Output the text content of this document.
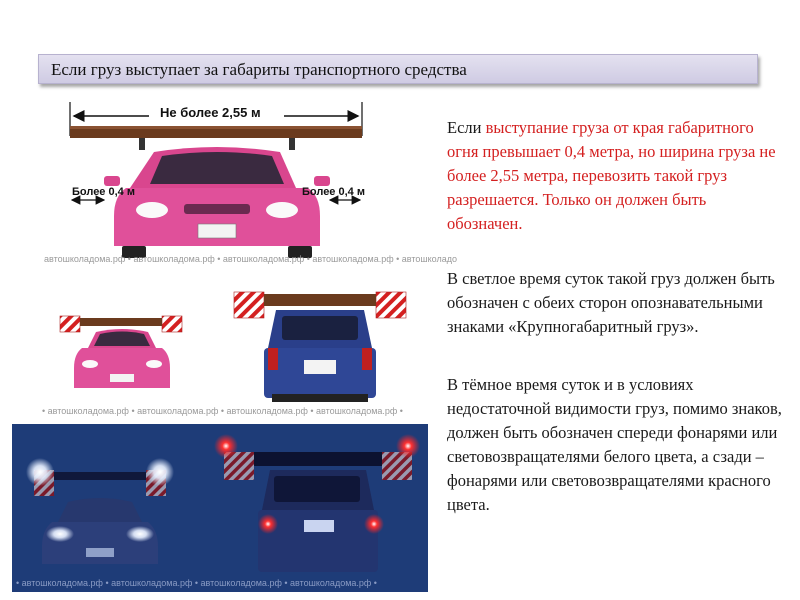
Если груз выступает за габариты транспортного средства
Не более 2,55 м
Более 0,4 м	Более 0,4 м
автошколадома.рф • автошколадома.рф • автошколадома.рф • автошколадома.рф • автошколадо
• автошколадома.рф • автошколадома.рф • автошколадома.рф • автошколадома.рф •
• автошколадома.рф • автошколадома.рф • автошколадома.рф • автошколадома.рф •
Если выступание груза от края габаритного огня превышает 0,4 метра, но ширина груза не более 2,55 метра, перевозить такой груз разрешается. Только он должен быть обозначен.
В светлое время суток такой груз должен быть обозначен с обеих сторон опознавательными знаками «Крупногабаритный груз».
В тёмное время суток и в условиях недостаточной видимости груз, помимо знаков, должен быть обозначен спереди фонарями или световозвращателями белого цвета, а сзади – фонарями или световозвращателями красного цвета.
